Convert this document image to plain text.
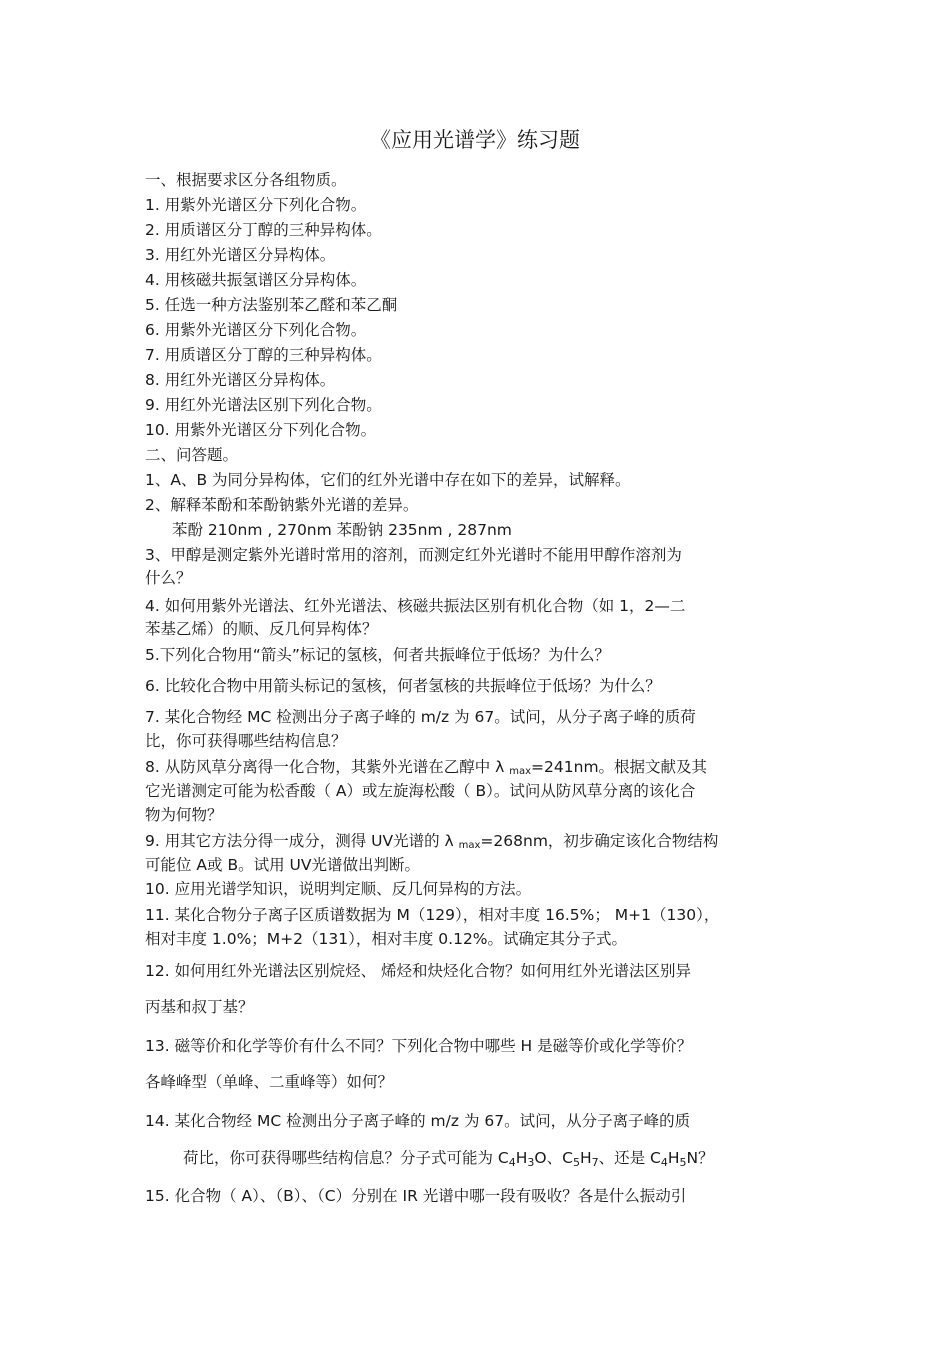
《应用光谱学》练习题
一、根据要求区分各组物质。
1. 用紫外光谱区分下列化合物。
2. 用质谱区分丁醇的三种异构体。
3. 用红外光谱区分异构体。
4. 用核磁共振氢谱区分异构体。
5. 任选一种方法鉴别苯乙醛和苯乙酮
6. 用紫外光谱区分下列化合物。
7. 用质谱区分丁醇的三种异构体。
8. 用红外光谱区分异构体。
9. 用红外光谱法区别下列化合物。
10. 用紫外光谱区分下列化合物。
二、问答题。
1、A、B 为同分异构体，它们的红外光谱中存在如下的差异，试解释。
2、解释苯酚和苯酚钠紫外光谱的差异。
苯酚 210nm , 270nm 苯酚钠 235nm , 287nm
3、甲醇是测定紫外光谱时常用的溶剂，而测定红外光谱时不能用甲醇作溶剂为
什么？
4. 如何用紫外光谱法、红外光谱法、核磁共振法区别有机化合物（如 1，2—二
苯基乙烯）的顺、反几何异构体？
5.下列化合物用“箭头”标记的氢核，何者共振峰位于低场？为什么？
6. 比较化合物中用箭头标记的氢核，何者氢核的共振峰位于低场？为什么？
7. 某化合物经 MC 检测出分子离子峰的 m/z 为 67。试问，从分子离子峰的质荷
比，你可获得哪些结构信息？
8. 从防风草分离得一化合物，其紫外光谱在乙醇中 λ max=241nm。根据文献及其
它光谱测定可能为松香酸（ A）或左旋海松酸（ B）。试问从防风草分离的该化合
物为何物？
9. 用其它方法分得一成分，测得 UV光谱的 λ max=268nm，初步确定该化合物结构
可能位 A或 B。试用 UV光谱做出判断。
10. 应用光谱学知识，说明判定顺、反几何异构的方法。
11. 某化合物分子离子区质谱数据为 M（129），相对丰度 16.5%； M+1（130），
相对丰度 1.0%；M+2（131），相对丰度 0.12%。试确定其分子式。
12. 如何用红外光谱法区别烷烃、 烯烃和炔烃化合物？如何用红外光谱法区别异
丙基和叔丁基？
13. 磁等价和化学等价有什么不同？下列化合物中哪些 H 是磁等价或化学等价？
各峰峰型（单峰、二重峰等）如何？
14. 某化合物经 MC 检测出分子离子峰的 m/z 为 67。试问，从分子离子峰的质
荷比，你可获得哪些结构信息？分子式可能为 $C_4H_3O$、$C_5H_7$、还是 $C_4H_5N$？
15. 化合物（ A）、（B）、（C）分别在 IR 光谱中哪一段有吸收？各是什么振动引
